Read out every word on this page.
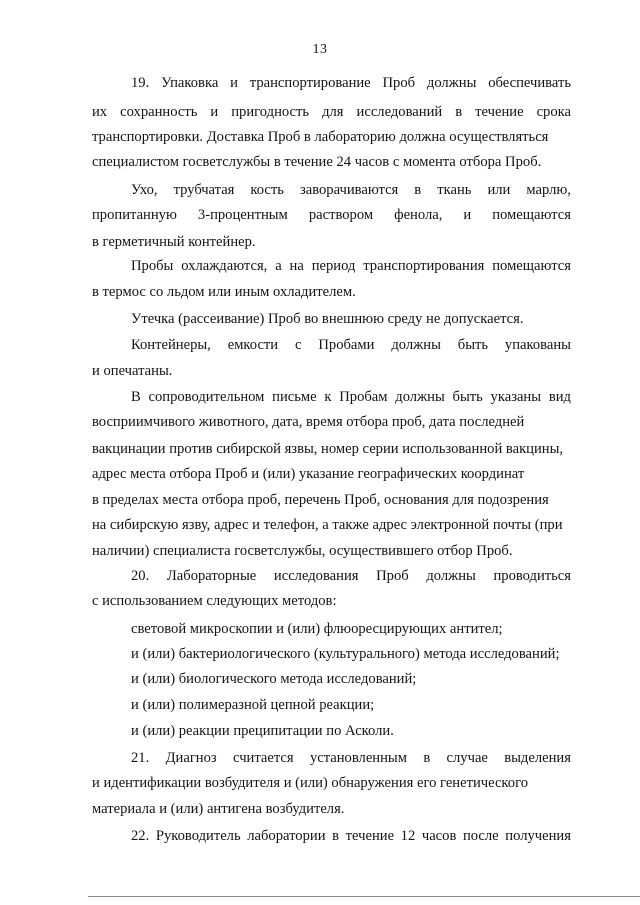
13
19. Упаковка и транспортирование Проб должны обеспечивать
их сохранность и пригодность для исследований в течение срока
транспортировки. Доставка Проб в лабораторию должна осуществляться
специалистом госветслужбы в течение 24 часов с момента отбора Проб.
Ухо, трубчатая кость заворачиваются в ткань или марлю,
пропитанную 3-процентным раствором фенола, и помещаются
в герметичный контейнер.
Пробы охлаждаются, а на период транспортирования помещаются
в термос со льдом или иным охладителем.
Утечка (рассеивание) Проб во внешнюю среду не допускается.
Контейнеры, емкости с Пробами должны быть упакованы
и опечатаны.
В сопроводительном письме к Пробам должны быть указаны вид
восприимчивого животного, дата, время отбора проб, дата последней
вакцинации против сибирской язвы, номер серии использованной вакцины,
адрес места отбора Проб и (или) указание географических координат
в пределах места отбора проб, перечень Проб, основания для подозрения
на сибирскую язву, адрес и телефон, а также адрес электронной почты (при
наличии) специалиста госветслужбы, осуществившего отбор Проб.
20. Лабораторные исследования Проб должны проводиться
с использованием следующих методов:
световой микроскопии и (или) флюоресцирующих антител;
и (или) бактериологического (культурального) метода исследований;
и (или) биологического метода исследований;
и (или) полимеразной цепной реакции;
и (или) реакции преципитации по Асколи.
21. Диагноз считается установленным в случае выделения
и идентификации возбудителя и (или) обнаружения его генетического
материала и (или) антигена возбудителя.
22. Руководитель лаборатории в течение 12 часов после получения
